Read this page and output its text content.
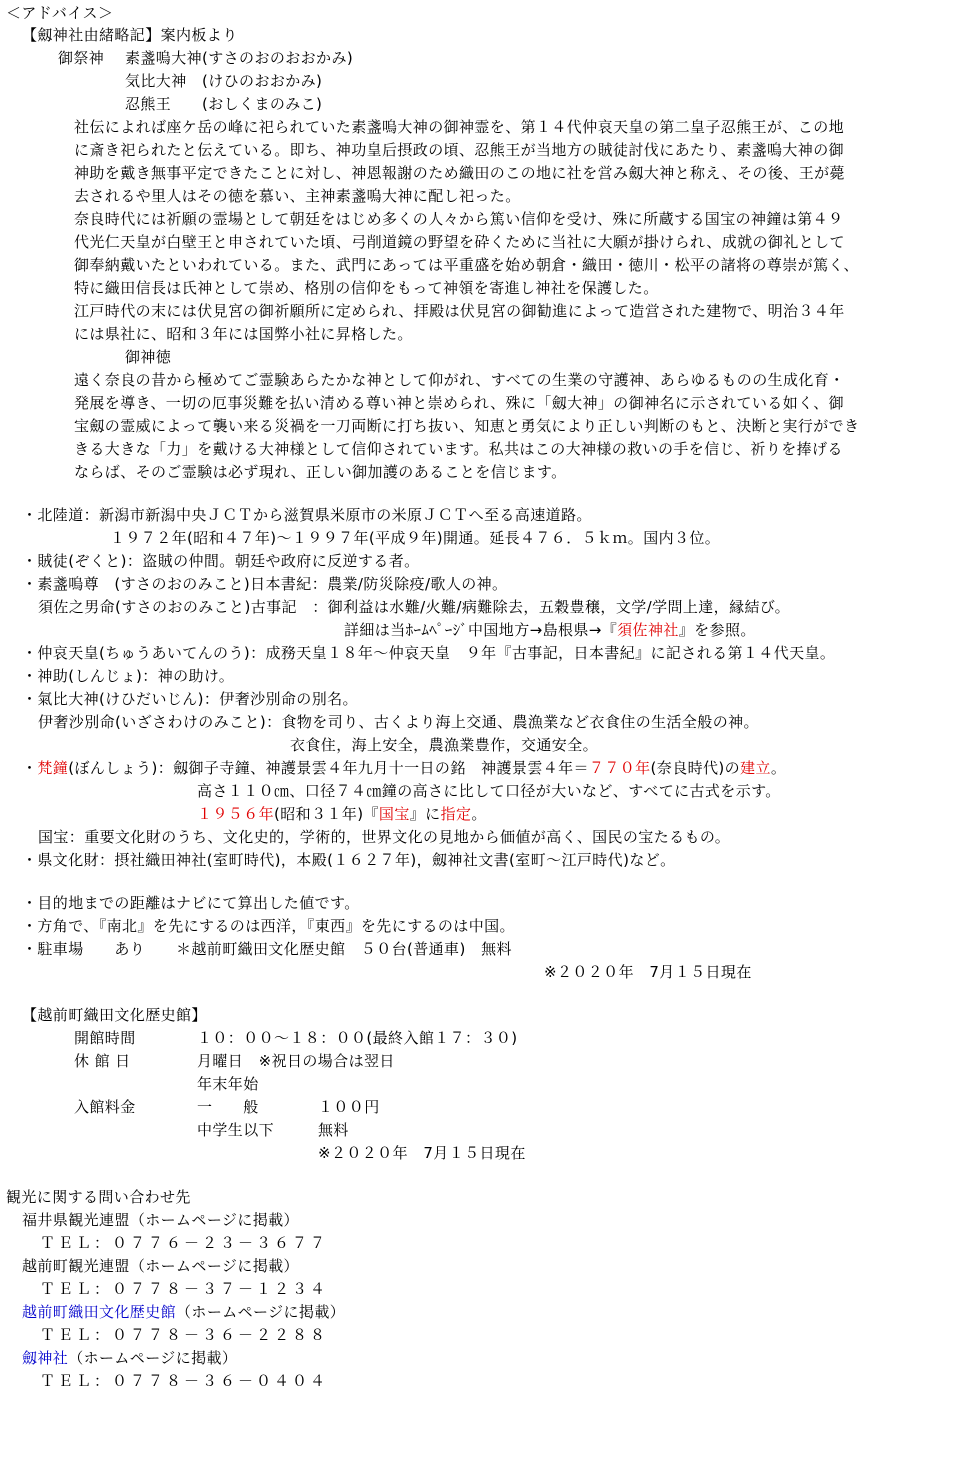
＜アドバイス＞
【劔神社由緒略記】案内板より
御祭神 素盞嗚大神(すさのおのおおかみ)
気比大神　(けひのおおかみ)
忍熊王　　(おしくまのみこ)
社伝によれば座ケ岳の峰に祀られていた素盞嗚大神の御神霊を、第１４代仲哀天皇の第二皇子忍熊王が、この地
に斎き祀られたと伝えている。即ち、神功皇后摂政の頃、忍熊王が当地方の賊徒討伐にあたり、素盞嗚大神の御
神助を戴き無事平定できたことに対し、神恩報謝のため織田のこの地に社を営み劔大神と称え、その後、王が薨
去されるや里人はその徳を慕い、主神素盞嗚大神に配し祀った。
奈良時代には祈願の霊場として朝廷をはじめ多くの人々から篤い信仰を受け、殊に所蔵する国宝の神鐘は第４９
代光仁天皇が白壁王と申されていた頃、弓削道鏡の野望を砕くために当社に大願が掛けられ、成就の御礼として
御奉納戴いたといわれている。また、武門にあっては平重盛を始め朝倉・織田・徳川・松平の諸将の尊崇が篤く、
特に織田信長は氏神として崇め、格別の信仰をもって神領を寄進し神社を保護した。
江戸時代の末には伏見宮の御祈願所に定められ、拝殿は伏見宮の御勧進によって造営された建物で、明治３４年
には県社に、昭和３年には国弊小社に昇格した。
御神徳
遠く奈良の昔から極めてご霊験あらたかな神として仰がれ、すべての生業の守護神、あらゆるものの生成化育・
発展を導き、一切の厄事災難を払い清める尊い神と崇められ、殊に「劔大神」の御神名に示されている如く、御
宝劔の霊威によって襲い来る災禍を一刀両断に打ち抜い、知恵と勇気により正しい判断のもと、決断と実行ができ
きる大きな「力」を戴ける大神様として信仰されています。私共はこの大神様の救いの手を信じ、祈りを捧げる
ならば、そのご霊験は必ず現れ、正しい御加護のあることを信じます。
・北陸道：新潟市新潟中央ＪＣＴから滋賀県米原市の米原ＪＣＴへ至る高速道路。
１９７２年(昭和４７年)～１９９７年(平成９年)開通。延長４７６．５ｋｍ。国内３位。
・賊徒(ぞくと)：盗賊の仲間。朝廷や政府に反逆する者。
・素盞嗚尊　(すさのおのみこと)日本書紀：農業/防災除疫/歌人の神。
須佐之男命(すさのおのみこと)古事記　：御利益は水難/火難/病難除去，五穀豊穣，文学/学問上達，縁結び。
詳細は当ﾎｰﾑﾍﾟｰｼﾞ中国地方→島根県→『須佐神社』を参照。
・仲哀天皇(ちゅうあいてんのう)：成務天皇１８年～仲哀天皇　９年『古事記，日本書紀』に記される第１４代天皇。
・神助(しんじょ)：神の助け。
・氣比大神(けひだいじん)：伊奢沙別命の別名。
伊奢沙別命(いざさわけのみこと)：食物を司り、古くより海上交通、農漁業など衣食住の生活全般の神。
衣食住，海上安全，農漁業豊作，交通安全。
・梵鐘(ぼんしょう)：劔御子寺鐘、神護景雲４年九月十一日の銘　神護景雲４年＝７７０年(奈良時代)の建立。
高さ１１０㎝、口径７４㎝鐘の高さに比して口径が大いなど、すべてに古式を示す。
１９５６年(昭和３１年)『国宝』に指定。
国宝：重要文化財のうち、文化史的，学術的，世界文化の見地から価値が高く、国民の宝たるもの。
・県文化財：摂社織田神社(室町時代)，本殿(１６２７年)，劔神社文書(室町～江戸時代)など。
・目的地までの距離はナビにて算出した値です。
・方角で、『南北』を先にするのは西洋，『東西』を先にするのは中国。
・駐車場　　あり　　＊越前町織田文化歴史館　５０台(普通車)　無料
※２０２０年　7月１５日現在
【越前町織田文化歴史館】
開館時間	１０：００～１８：００(最終入館１７：３０)
休 館 日	月曜日　※祝日の場合は翌日
年末年始
入館料金	一　　般	１００円
中学生以下	無料
※２０２０年　7月１５日現在
観光に関する問い合わせ先
福井県観光連盟（ホームページに掲載）
ＴＥＬ：０７７６－２３－３６７７
越前町観光連盟（ホームページに掲載）
ＴＥＬ：０７７８－３７－１２３４
越前町織田文化歴史館（ホームページに掲載）
ＴＥＬ：０７７８－３６－２２８８
劔神社（ホームページに掲載）
ＴＥＬ：０７７８－３６－０４０４
